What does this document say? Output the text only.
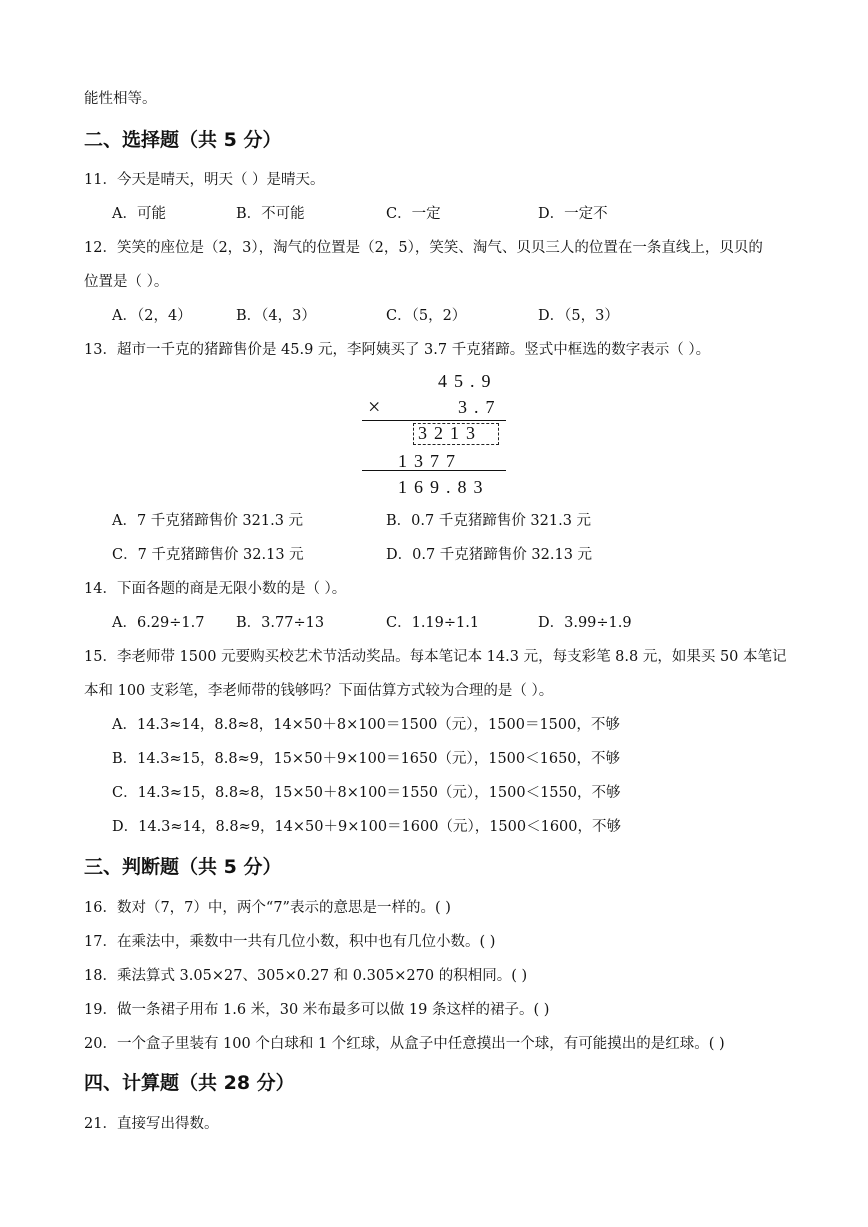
能性相等。
二、选择题（共 5 分）
11．今天是晴天，明天（ ）是晴天。
A．可能	B．不可能	C．一定	D．一定不
12．笑笑的座位是（2，3），淘气的位置是（2，5），笑笑、淘气、贝贝三人的位置在一条直线上，贝贝的
位置是（ ）。
A．（2，4）	B．（4，3）	C．（5，2）	D．（5，3）
13．超市一千克的猪蹄售价是 45.9 元，李阿姨买了 3.7 千克猪蹄。竖式中框选的数字表示（ ）。
45.9
×	3.7
3213
1377
169.83
A．7 千克猪蹄售价 321.3 元	B．0.7 千克猪蹄售价 321.3 元
C．7 千克猪蹄售价 32.13 元	D．0.7 千克猪蹄售价 32.13 元
14．下面各题的商是无限小数的是（ ）。
A．6.29÷1.7 B．3.77÷13	C．1.19÷1.1	D．3.99÷1.9
15．李老师带 1500 元要购买校艺术节活动奖品。每本笔记本 14.3 元，每支彩笔 8.8 元，如果买 50 本笔记
本和 100 支彩笔，李老师带的钱够吗？下面估算方式较为合理的是（ ）。
A．14.3≈14，8.8≈8，14×50＋8×100＝1500（元），1500＝1500，不够
B．14.3≈15，8.8≈9，15×50＋9×100＝1650（元），1500＜1650，不够
C．14.3≈15，8.8≈8，15×50＋8×100＝1550（元），1500＜1550，不够
D．14.3≈14，8.8≈9，14×50＋9×100＝1600（元），1500＜1600，不够
三、判断题（共 5 分）
16．数对（7，7）中，两个“7”表示的意思是一样的。( )
17．在乘法中，乘数中一共有几位小数，积中也有几位小数。( )
18．乘法算式 3.05×27、305×0.27 和 0.305×270 的积相同。( )
19．做一条裙子用布 1.6 米，30 米布最多可以做 19 条这样的裙子。( )
20．一个盒子里装有 100 个白球和 1 个红球，从盒子中任意摸出一个球，有可能摸出的是红球。( )
四、计算题（共 28 分）
21．直接写出得数。
